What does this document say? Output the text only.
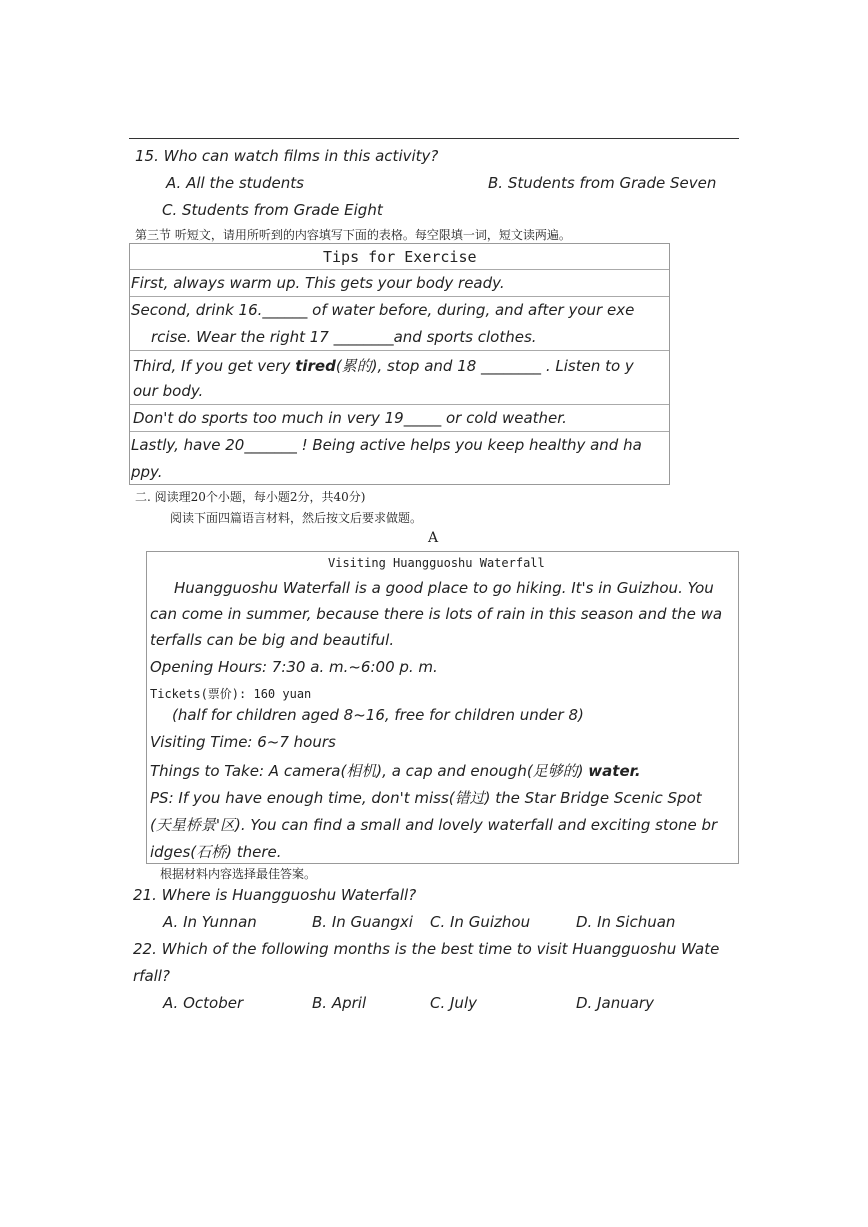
15. Who can watch films in this activity?
A. All the students	B. Students from Grade Seven
C. Students from Grade Eight
第三节 听短文，请用所听到的内容填写下面的表格。每空限填一词，短文读两遍。
Tips for Exercise
First, always warm up. This gets your body ready.
Second, drink 16.______ of water before, during, and after your exe
rcise. Wear the right 17 ________and sports clothes.
Third, If you get very tired(累的), stop and 18 ________ . Listen to y
our body.
Don't do sports too much in very 19_____ or cold weather.
Lastly, have 20_______ ! Being active helps you keep healthy and ha
ppy.
二. 阅读理20个小题，每小题2分，共40分)
阅读下面四篇语言材料，然后按文后要求做题。
A
Visiting Huangguoshu Waterfall
Huangguoshu Waterfall is a good place to go hiking. It's in Guizhou. You
can come in summer, because there is lots of rain in this season and the wa
terfalls can be big and beautiful.
Opening Hours: 7:30 a. m.~6:00 p. m.
Tickets(票价): 160 yuan
(half for children aged 8~16, free for children under 8)
Visiting Time: 6~7 hours
Things to Take: A camera(相机), a cap and enough(足够的) water.
PS: If you have enough time, don't miss(错过) the Star Bridge Scenic Spot
(天星桥景'区). You can find a small and lovely waterfall and exciting stone br
idges(石桥) there.
根据材料内容选择最佳答案。
21. Where is Huangguoshu Waterfall?
A. In Yunnan	B. In Guangxi C. In Guizhou	D. In Sichuan
22. Which of the following months is the best time to visit Huangguoshu Wate
rfall?
A. October	B. April	C. July	D. January
